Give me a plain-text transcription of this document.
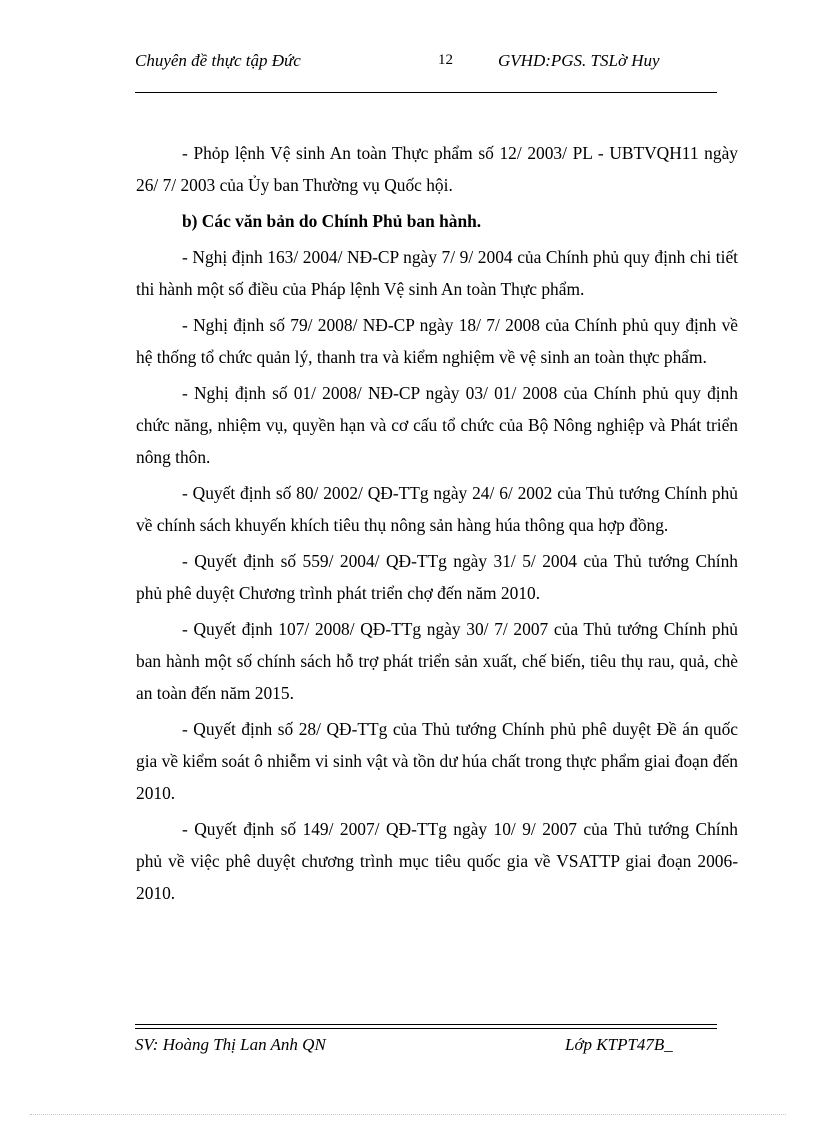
Chuyên đề thực tập Đức	12	GVHD:PGS. TSLờ Huy

- Phỏp lệnh Vệ sinh An toàn Thực phẩm số 12/ 2003/ PL - UBTVQH11 ngày 26/ 7/ 2003 của Ủy ban Thường vụ Quốc hội.

b) Các văn bản do Chính Phủ ban hành.

- Nghị định 163/ 2004/ NĐ-CP ngày 7/ 9/ 2004 của Chính phủ quy định chi tiết thi hành một số điều của Pháp lệnh Vệ sinh An toàn Thực phẩm.

- Nghị định số 79/ 2008/ NĐ-CP ngày 18/ 7/ 2008 của Chính phủ quy định về hệ thống tổ chức quản lý, thanh tra và kiểm nghiệm về vệ sinh an toàn thực phẩm.

- Nghị định số 01/ 2008/ NĐ-CP ngày 03/ 01/ 2008 của Chính phủ quy định chức năng, nhiệm vụ, quyền hạn và cơ cấu tổ chức của Bộ Nông nghiệp và Phát triển nông thôn.

- Quyết định số 80/ 2002/ QĐ-TTg ngày 24/ 6/ 2002 của Thủ tướng Chính phủ về chính sách khuyến khích tiêu thụ nông sản hàng húa thông qua hợp đồng.

- Quyết định số 559/ 2004/ QĐ-TTg ngày 31/ 5/ 2004 của Thủ tướng Chính phủ phê duyệt Chương trình phát triển chợ đến năm 2010.

- Quyết định 107/ 2008/ QĐ-TTg ngày 30/ 7/ 2007 của Thủ tướng Chính phủ ban hành một số chính sách hỗ trợ phát triển sản xuất, chế biến, tiêu thụ rau, quả, chè an toàn đến năm 2015.

- Quyết định số 28/ QĐ-TTg của Thủ tướng Chính phủ phê duyệt Đề án quốc gia về kiểm soát ô nhiễm vi sinh vật và tồn dư húa chất trong thực phẩm giai đoạn đến 2010.

- Quyết định số 149/ 2007/ QĐ-TTg ngày 10/ 9/ 2007 của Thủ tướng Chính phủ về việc phê duyệt chương trình mục tiêu quốc gia về VSATTP giai đoạn 2006-2010.

SV: Hoàng Thị Lan Anh QN	Lớp KTPT47B_
